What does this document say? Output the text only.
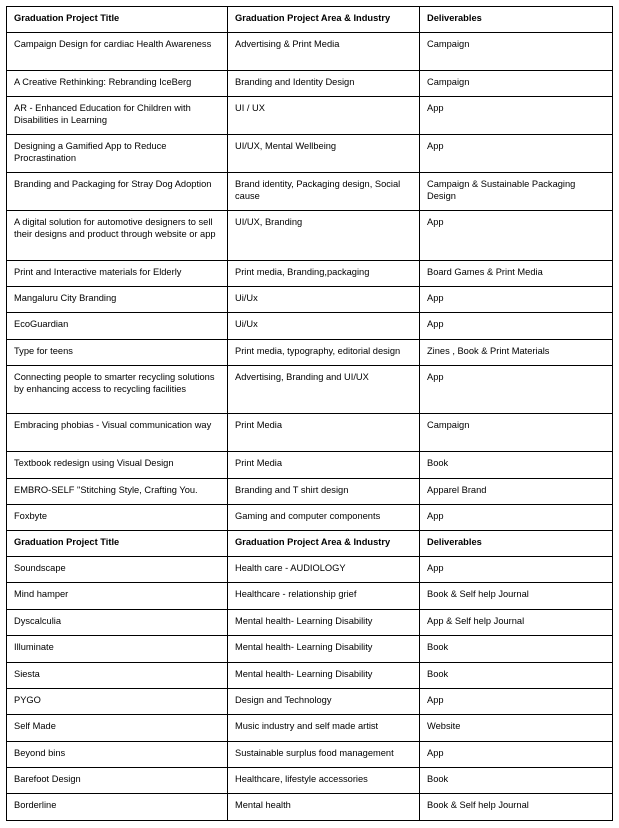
Graduation Project Title	Graduation Project Area & Industry	Deliverables
Campaign Design for cardiac Health Awareness	Advertising & Print Media	Campaign
A Creative Rethinking: Rebranding IceBerg	Branding and Identity Design	Campaign
AR - Enhanced Education for Children with Disabilities in Learning	UI / UX	App
Designing a Gamified App to Reduce Procrastination	UI/UX, Mental Wellbeing	App
Branding and Packaging for Stray Dog Adoption	Brand identity, Packaging design, Social cause	Campaign & Sustainable Packaging Design
A digital solution for automotive designers to sell their designs and product through website or app	UI/UX, Branding	App
Print and Interactive materials for Elderly	Print media, Branding,packaging	Board Games & Print Media
Mangaluru City Branding	Ui/Ux	App
EcoGuardian	Ui/Ux	App
Type for teens	Print media, typography, editorial design	Zines , Book & Print Materials
Connecting people to smarter recycling solutions by enhancing access to recycling facilities	Advertising, Branding and UI/UX	App
Embracing phobias - Visual communication way	Print Media	Campaign
Textbook redesign using Visual Design	Print Media	Book
EMBRO-SELF "Stitching Style, Crafting You.	Branding and T shirt design	Apparel Brand
Foxbyte	Gaming and computer components	App
Graduation Project Title	Graduation Project Area & Industry	Deliverables
Soundscape	Health care - AUDIOLOGY	App
Mind hamper	Healthcare - relationship grief	Book & Self help Journal
Dyscalculia	Mental health- Learning Disability	App & Self help Journal
Illuminate	Mental health- Learning Disability	Book
Siesta	Mental health- Learning Disability	Book
PYGO	Design and Technology	App
Self Made	Music industry and self made artist	Website
Beyond bins	Sustainable surplus food management	App
Barefoot Design	Healthcare, lifestyle accessories	Book
Borderline	Mental health	Book & Self help Journal
